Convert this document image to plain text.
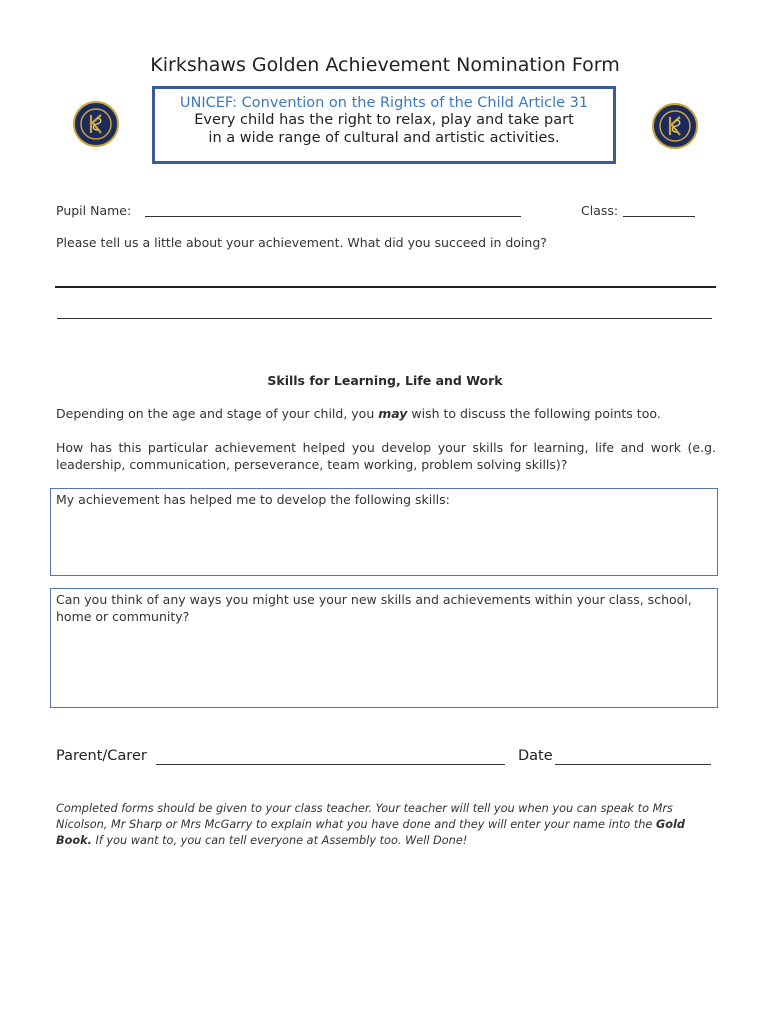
Kirkshaws Golden Achievement Nomination Form
UNICEF: Convention on the Rights of the Child Article 31
Every child has the right to relax, play and take part
in a wide range of cultural and artistic activities.
Pupil Name:	Class:
Please tell us a little about your achievement. What did you succeed in doing?
Skills for Learning, Life and Work
Depending on the age and stage of your child, you may wish to discuss the following points too.
How has this particular achievement helped you develop your skills for learning, life and work (e.g. leadership, communication, perseverance, team working, problem solving skills)?
My achievement has helped me to develop the following skills:
Can you think of any ways you might use your new skills and achievements within your class, school, home or community?
Parent/Carer	Date
Completed forms should be given to your class teacher. Your teacher will tell you when you can speak to Mrs Nicolson, Mr Sharp or Mrs McGarry to explain what you have done and they will enter your name into the Gold Book. If you want to, you can tell everyone at Assembly too. Well Done!
